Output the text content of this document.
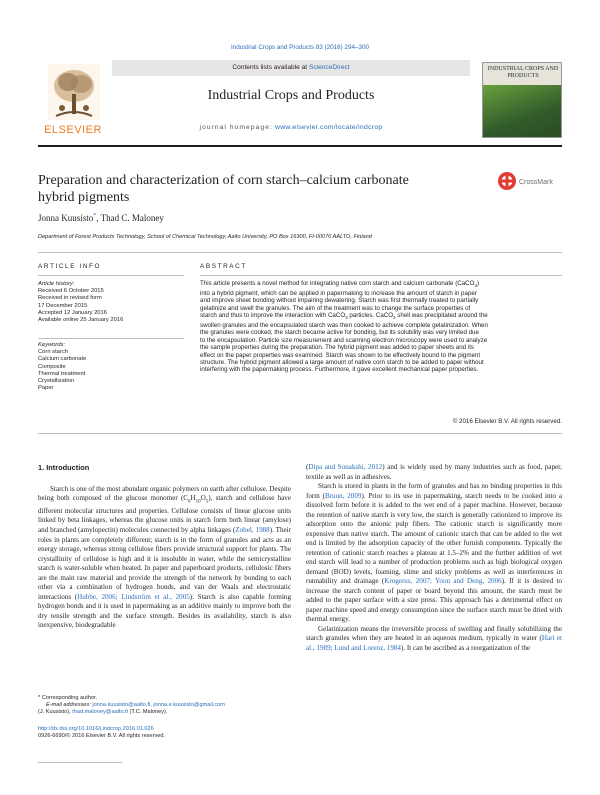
Industrial Crops and Products 83 (2016) 294–300
ELSEVIER
Contents lists available at ScienceDirect
Industrial Crops and Products
journal homepage: www.elsevier.com/locate/indcrop
INDUSTRIAL CROPS AND PRODUCTS
Preparation and characterization of corn starch–calcium carbonate
hybrid pigments
CrossMark
Jonna Kuusisto*, Thad C. Maloney
Department of Forest Products Technology, School of Chemical Technology, Aalto University, PO Box 16300, FI-00076 AALTO, Finland
ARTICLE INFO	ABSTRACT
Article history:
Received 6 October 2015
Received in revised form
17 December 2015
Accepted 12 January 2016
Available online 25 January 2016
Keywords:
Corn starch
Calcium carbonate
Composite
Thermal treatment
Crystallization
Paper
This article presents a novel method for integrating native corn starch and calcium carbonate (CaCO$_3$)
into a hybrid pigment, which can be applied in papermaking to increase the amount of starch in paper
and improve sheet bonding without impairing dewatering. Starch was first thermally treated to partially
gelatinize and swell the granules. The aim of the treatment was to change the surface properties of
starch and thus to improve the interaction with CaCO$_3$ particles. CaCO$_3$ shell was precipitated around the
swollen granules and the encapsulated starch was then cooked to achieve complete gelatinization. When
the granules were cooked, the starch became active for bonding, but its solubility was very limited due
to the encapsulation. Particle size measurement and scanning electron microscopy were used to analyze
the sample properties during the preparation. The hybrid pigment was added to paper sheets and its
effect on the paper properties was examined. Starch was shown to be effectively bound to the pigment
structure. The hybrid pigment allowed a large amount of native corn starch to be added to paper without
interfering with the papermaking process. Furthermore, it gave excellent mechanical paper properties.
© 2016 Elsevier B.V. All rights reserved.
1. Introduction

Starch is one of the most abundant organic polymers on earth after cellulose. Despite being both composed of the glucose monomer $(C_6H_{10}O_5)$, starch and cellulose have different molecular structures and properties. Cellulose consists of linear glucose units linked by beta linkages, whereas the glucose units in starch form both linear (amylose) and branched (amylopectin) molecules connected by alpha linkages (Zobel, 1988). Their roles in plants are completely different; starch is in the form of granules and acts as an energy storage, whereas strong cellulose fibers provide structural support for plants. The crystallinity of cellulose is high and it is insoluble in water, while the semicrystalline starch is water-soluble when heated. In paper and paperboard products, cellulosic fibers are the main raw material and provide the strength of the network by bonding to each other via a combination of hydrogen bonds, and van der Waals and electrostatic interactions (Hubbe, 2006; Lindström et al., 2005). Starch is also capable forming hydrogen bonds and it is used in papermaking as an additive mainly to improve both the dry tensile strength and the surface strength. Besides its availability, starch is also inexpensive, biodegradable

* Corresponding author.
E-mail addresses: jonna.kuusisto@aalto.fi, jonna.e.kuusisto@gmail.com
(J. Kuusisto), thad.maloney@aalto.fi (T.C. Maloney).
http://dx.doi.org/10.1016/j.indcrop.2016.01.026
0926-6690/© 2016 Elsevier B.V. All rights reserved.

(Dipa and Sonakshi, 2012) and is widely used by many industries such as food, paper, textile as well as in adhesives.

Starch is stored in plants in the form of granules and has no binding properties in this form (Bruun, 2009). Prior to its use in papermaking, starch needs to be cooked into a dissolved form before it is added to the wet end of a paper machine. However, because the retention of native starch is very low, the starch is generally cationized to improve its adsorption onto the anionic pulp fibers. The cationic starch is significantly more expensive than native starch. The amount of cationic starch that can be added to the wet end is limited by the adsorption capacity of the other furnish components. Typically the retention of cationic starch reaches a plateau at 1.5–2% and the further addition of wet end starch will lead to a number of production problems such as high biological oxygen demand (BOD) levels, foaming, slime and sticky problems as well as interferences in runnability and drainage (Krogerus, 2007; Yoon and Deng, 2006). If it is desired to increase the starch content of paper or board beyond this amount, the starch must be added to the paper surface with a size press. This approach has a detrimental effect on paper machine speed and energy consumption since the surface starch must be dried with thermal energy.

Gelatinization means the irreversible process of swelling and finally solubilizing the starch granules when they are heated in an aqueous medium, typically in water (Hari et al., 1989; Lund and Lorenz, 1984). It can be ascribed as a reorganization of the
